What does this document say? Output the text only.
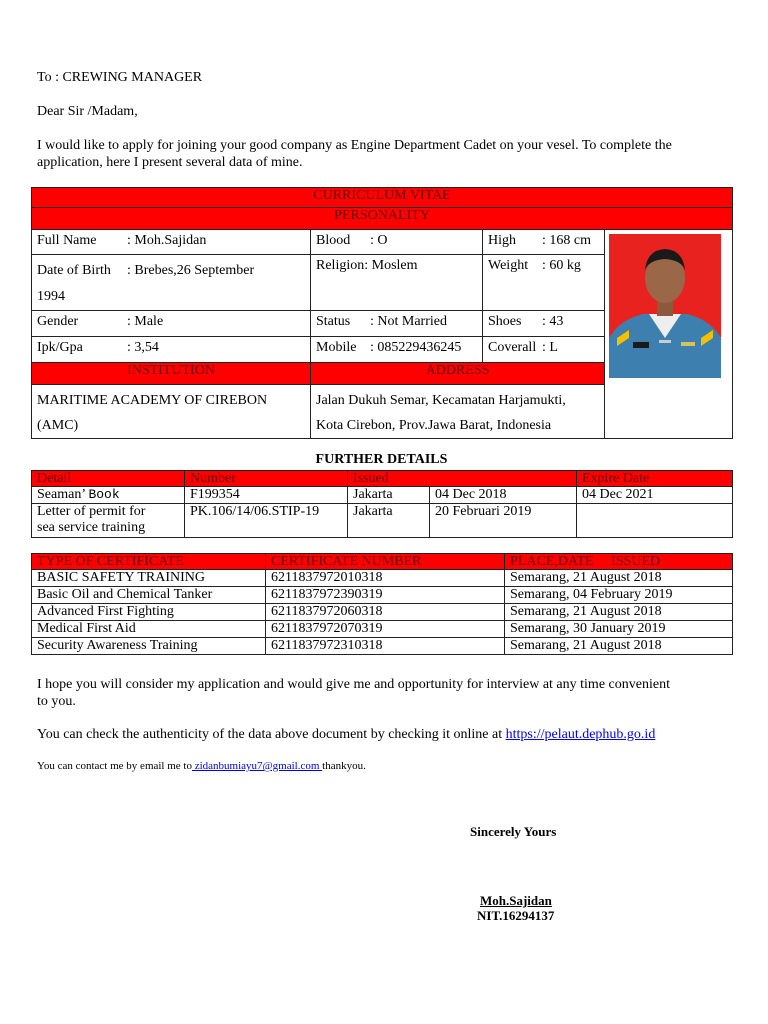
To : CREWING MANAGER
Dear Sir /Madam,
I would like to apply for joining your good company as Engine Department Cadet on your vesel. To complete the
application, here I present several data of mine.
CURRICULUM VITAE			
PERSONALITY			
Full Name : Moh.Sajidan	Blood : O	High : 168 cm	

Date of Birth : Brebes,26 September
1994	Religion: Moslem	Weight : 60 kg	
Gender : Male	Status : Not Married	Shoes : 43	
Ipk/Gpa : 3,54	Mobile : 085229436245	Coverall : L	
INSTITUTION	ADDRESS		
MARITIME ACADEMY OF CIREBON
(AMC)	Jalan Dukuh Semar, Kecamatan Harjamukti,
Kota Cirebon, Prov.Jawa Barat, Indonesia		
FURTHER DETAILS
Detail	Number	Issued		Expire Date
Seaman’ Book	F199354	Jakarta	04 Dec 2018	04 Dec 2021
Letter of permit for
sea service training	PK.106/14/06.STIP-19	Jakarta	20 Februari 2019	
TYPE OF CERTIFICATE	CERTIFICATE NUMBER	PLACE,DATE     ISSUED
BASIC SAFETY TRAINING	6211837972010318	Semarang, 21 August 2018
Basic Oil and Chemical Tanker	6211837972390319	Semarang, 04 February 2019
Advanced First Fighting	6211837972060318	Semarang, 21 August 2018
Medical First Aid	6211837972070319	Semarang, 30 January 2019
Security Awareness Training	6211837972310318	Semarang, 21 August 2018
I hope you will consider my application and would give me and opportunity for interview at any time convenient
to you.
You can check the authenticity of the data above document by checking it online at https://pelaut.dephub.go.id
You can contact me by email me to zidanbumiayu7@gmail.com thankyou.
Sincerely Yours
Moh.Sajidan
NIT.16294137
